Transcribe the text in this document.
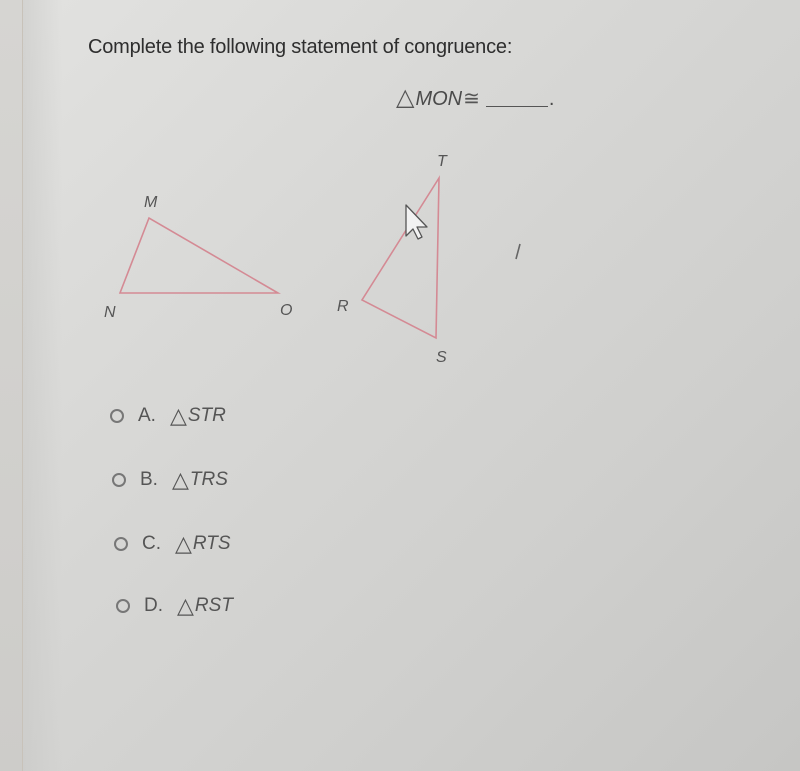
Complete the following statement of congruence:
△ MON ≅	.
M
N	O
T
R
S
A. △ STR
B. △ TRS
C. △ RTS
D. △ RST
